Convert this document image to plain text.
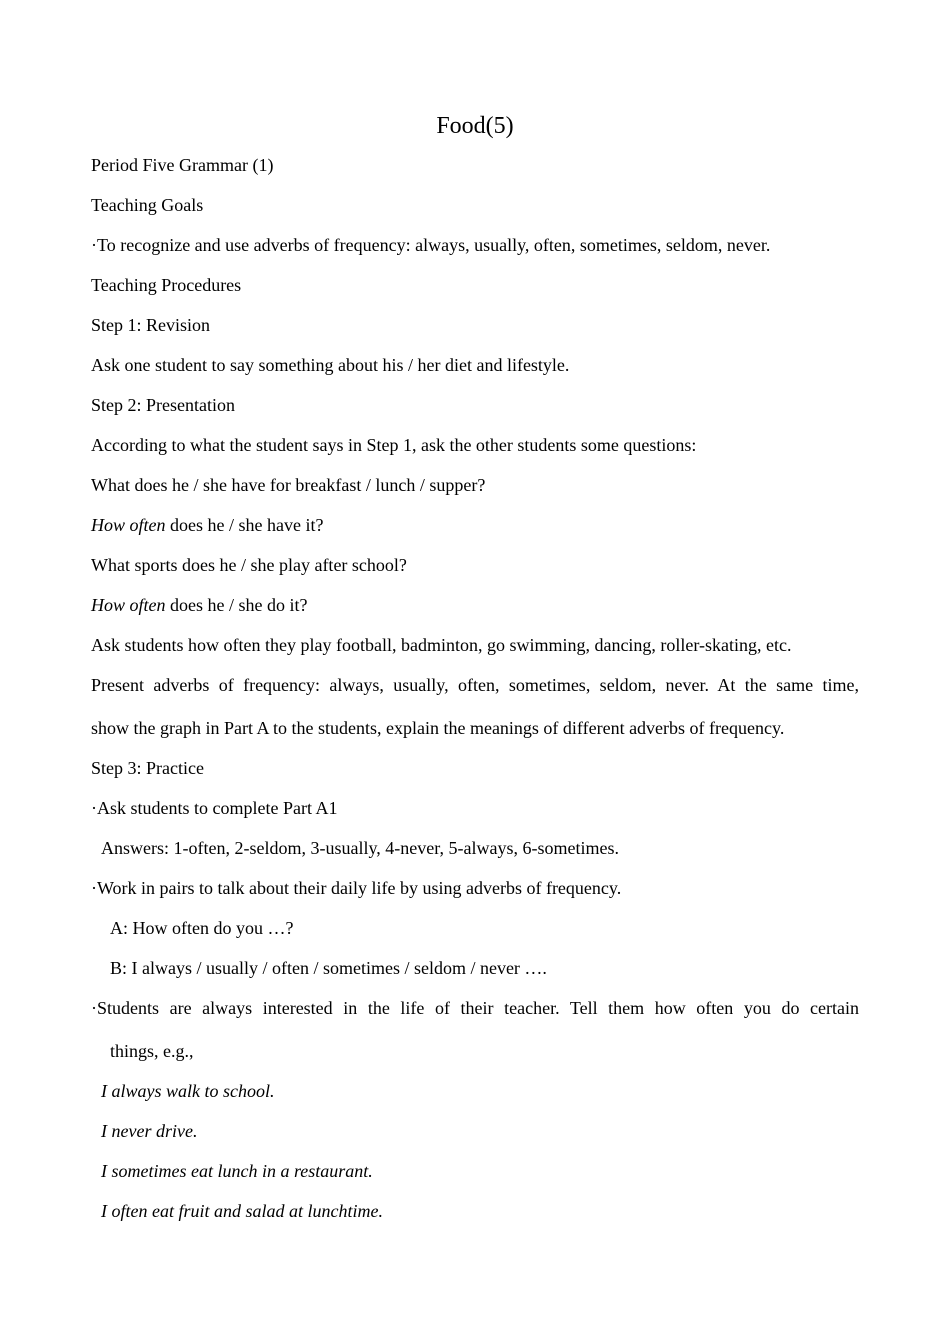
Food(5)
Period Five Grammar (1)
Teaching Goals
·To recognize and use adverbs of frequency: always, usually, often, sometimes, seldom, never.
Teaching Procedures
Step 1: Revision
Ask one student to say something about his / her diet and lifestyle.
Step 2: Presentation
According to what the student says in Step 1, ask the other students some questions:
What does he / she have for breakfast / lunch / supper?
How often does he / she have it?
What sports does he / she play after school?
How often does he / she do it?
Ask students how often they play football, badminton, go swimming, dancing, roller-skating, etc.
Present adverbs of frequency: always, usually, often, sometimes, seldom, never. At the same time,
show the graph in Part A to the students, explain the meanings of different adverbs of frequency.
Step 3: Practice
·Ask students to complete Part A1
Answers: 1-often, 2-seldom, 3-usually, 4-never, 5-always, 6-sometimes.
·Work in pairs to talk about their daily life by using adverbs of frequency.
A: How often do you …?
B: I always / usually / often / sometimes / seldom / never ….
·Students are always interested in the life of their teacher. Tell them how often you do certain
things, e.g.,
I always walk to school.
I never drive.
I sometimes eat lunch in a restaurant.
I often eat fruit and salad at lunchtime.
